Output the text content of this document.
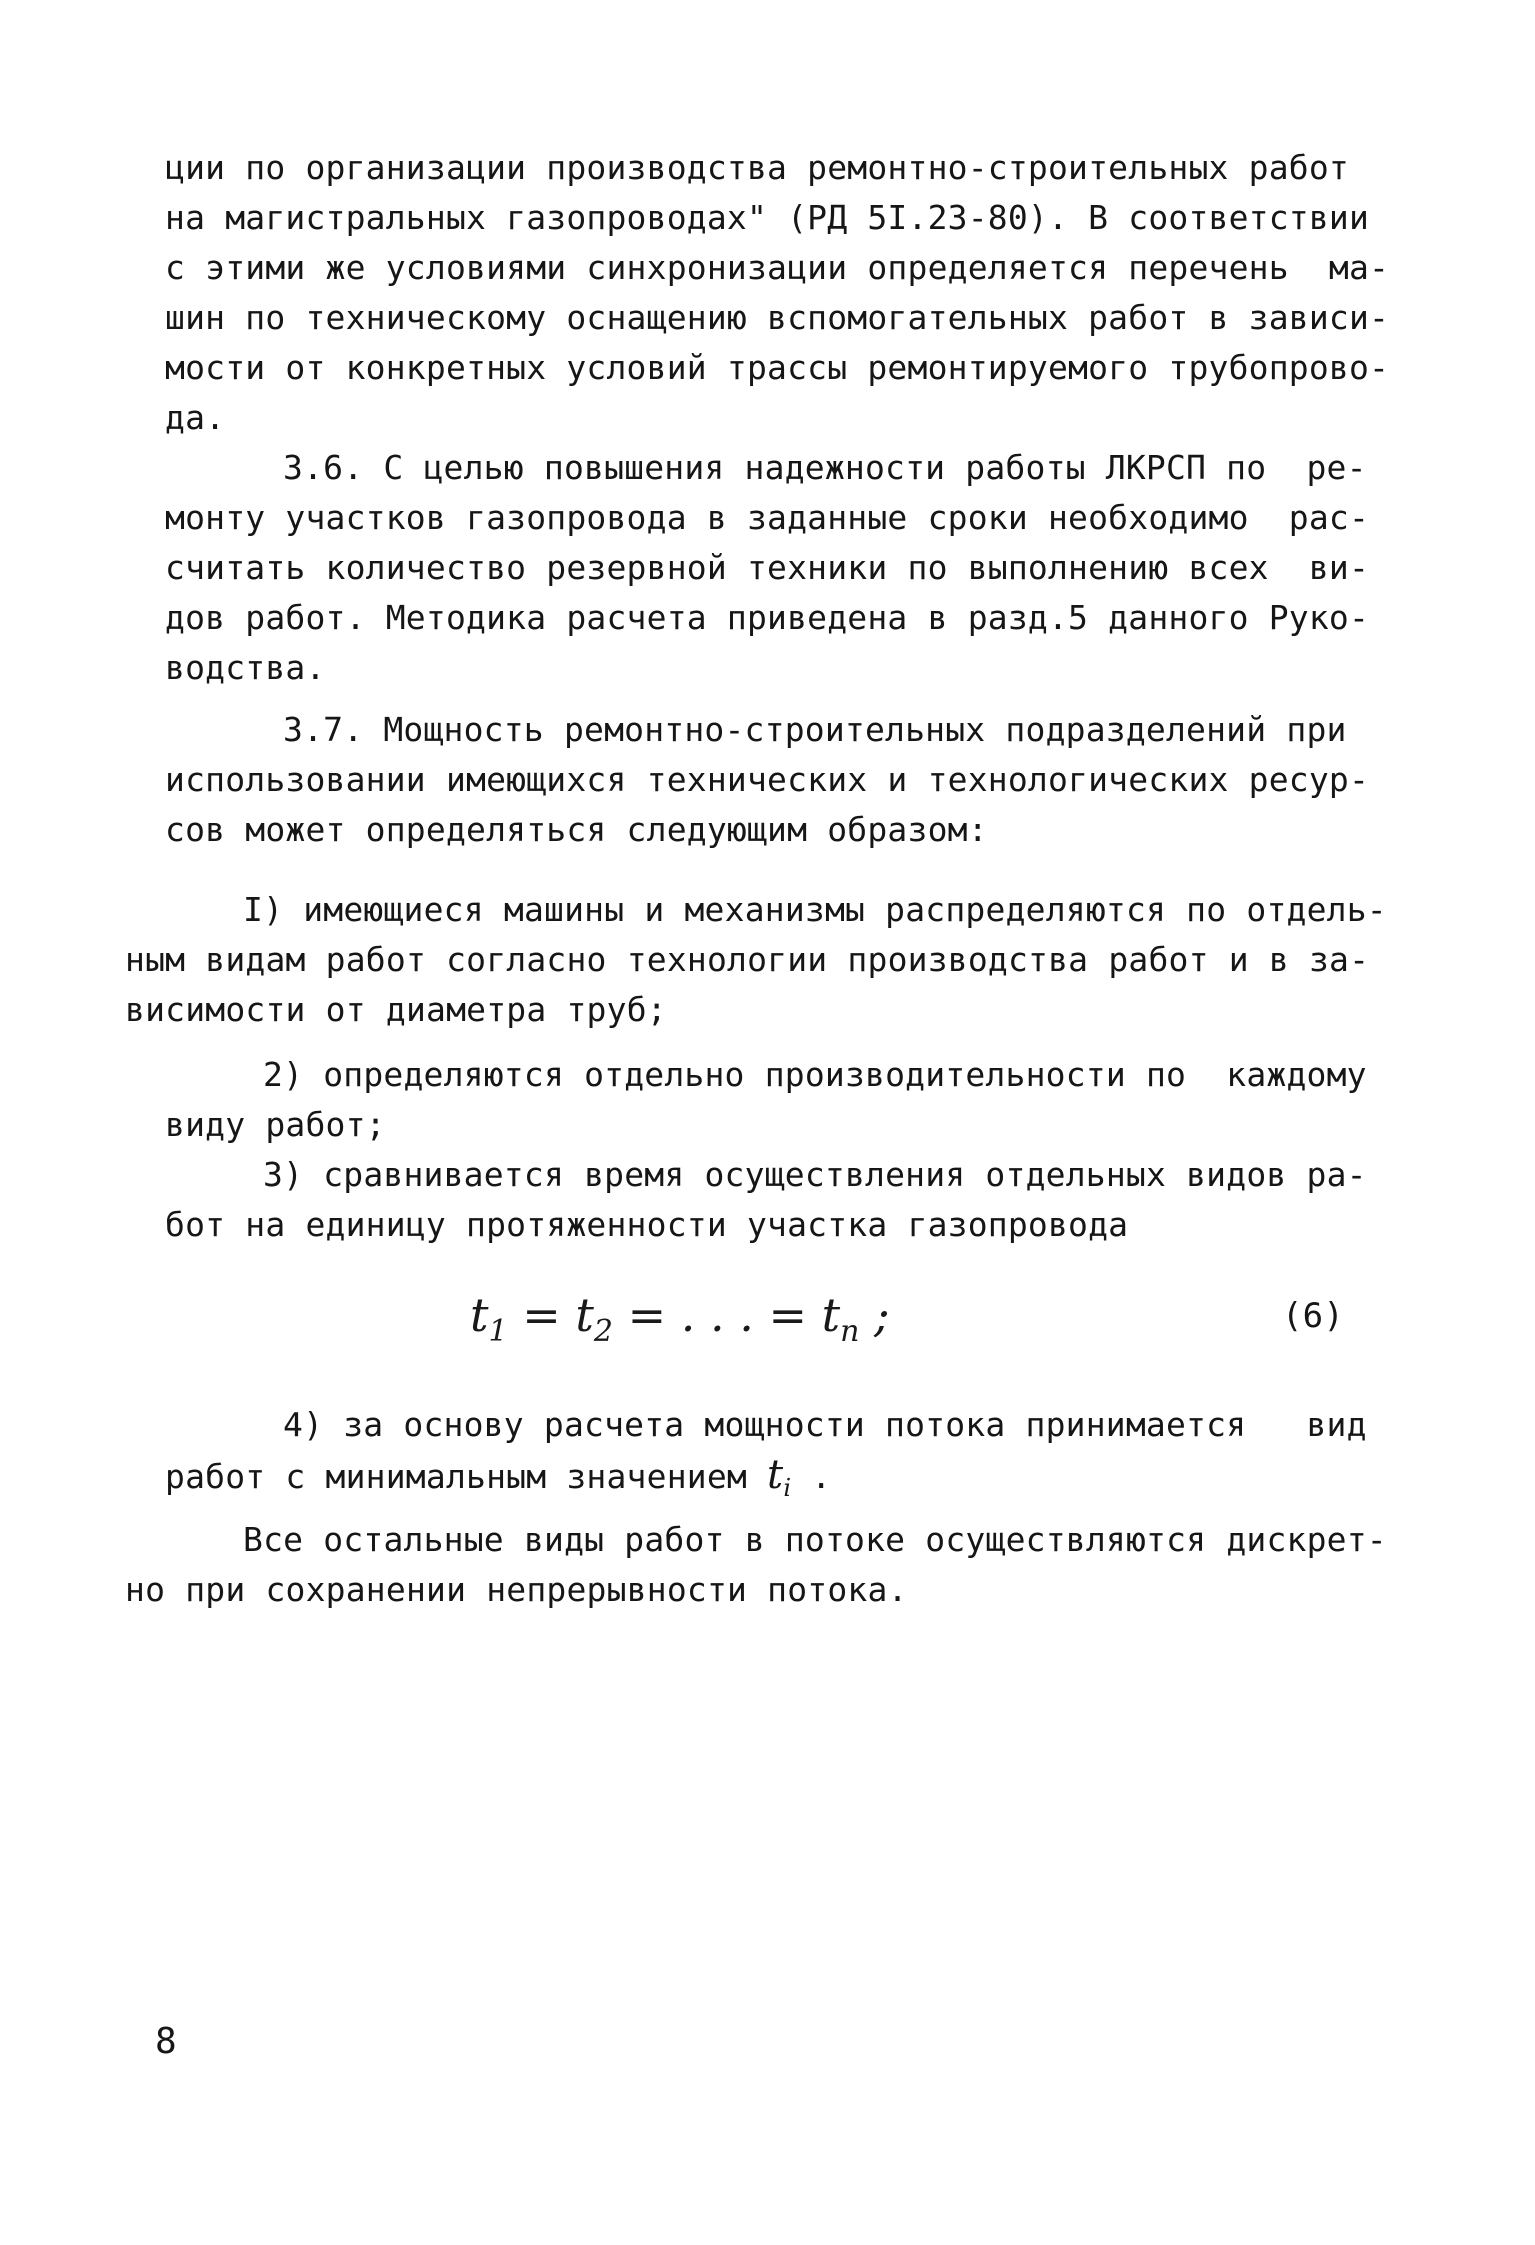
ции по организации производства ремонтно-строительных работ
на магистральных газопроводах" (РД 5I.23-80). В соответствии
с этими же условиями синхронизации определяется перечень  ма-
шин по техническому оснащению вспомогательных работ в зависи-
мости от конкретных условий трассы ремонтируемого трубопрово-
да.
3.6. С целью повышения надежности работы ЛКРСП по  ре-
монту участков газопровода в заданные сроки необходимо  рас-
считать количество резервной техники по выполнению всех  ви-
дов работ. Методика расчета приведена в разд.5 данного Руко-
водства.
3.7. Мощность ремонтно-строительных подразделений при
использовании имеющихся технических и технологических ресур-
сов может определяться следующим образом:
I) имеющиеся машины и механизмы распределяются по отдель-
ным видам работ согласно технологии производства работ и в за-
висимости от диаметра труб;
2) определяются отдельно производительности по  каждому
виду работ;
3) сравнивается время осуществления отдельных видов ра-
бот на единицу протяженности участка газопровода
$t_1 = t_2$ = . . . = $t_n$ ;	(6)
4) за основу расчета мощности потока принимается   вид
работ с минимальным значением $t_i$ .
Все остальные виды работ в потоке осуществляются дискрет-
но при сохранении непрерывности потока.
8
